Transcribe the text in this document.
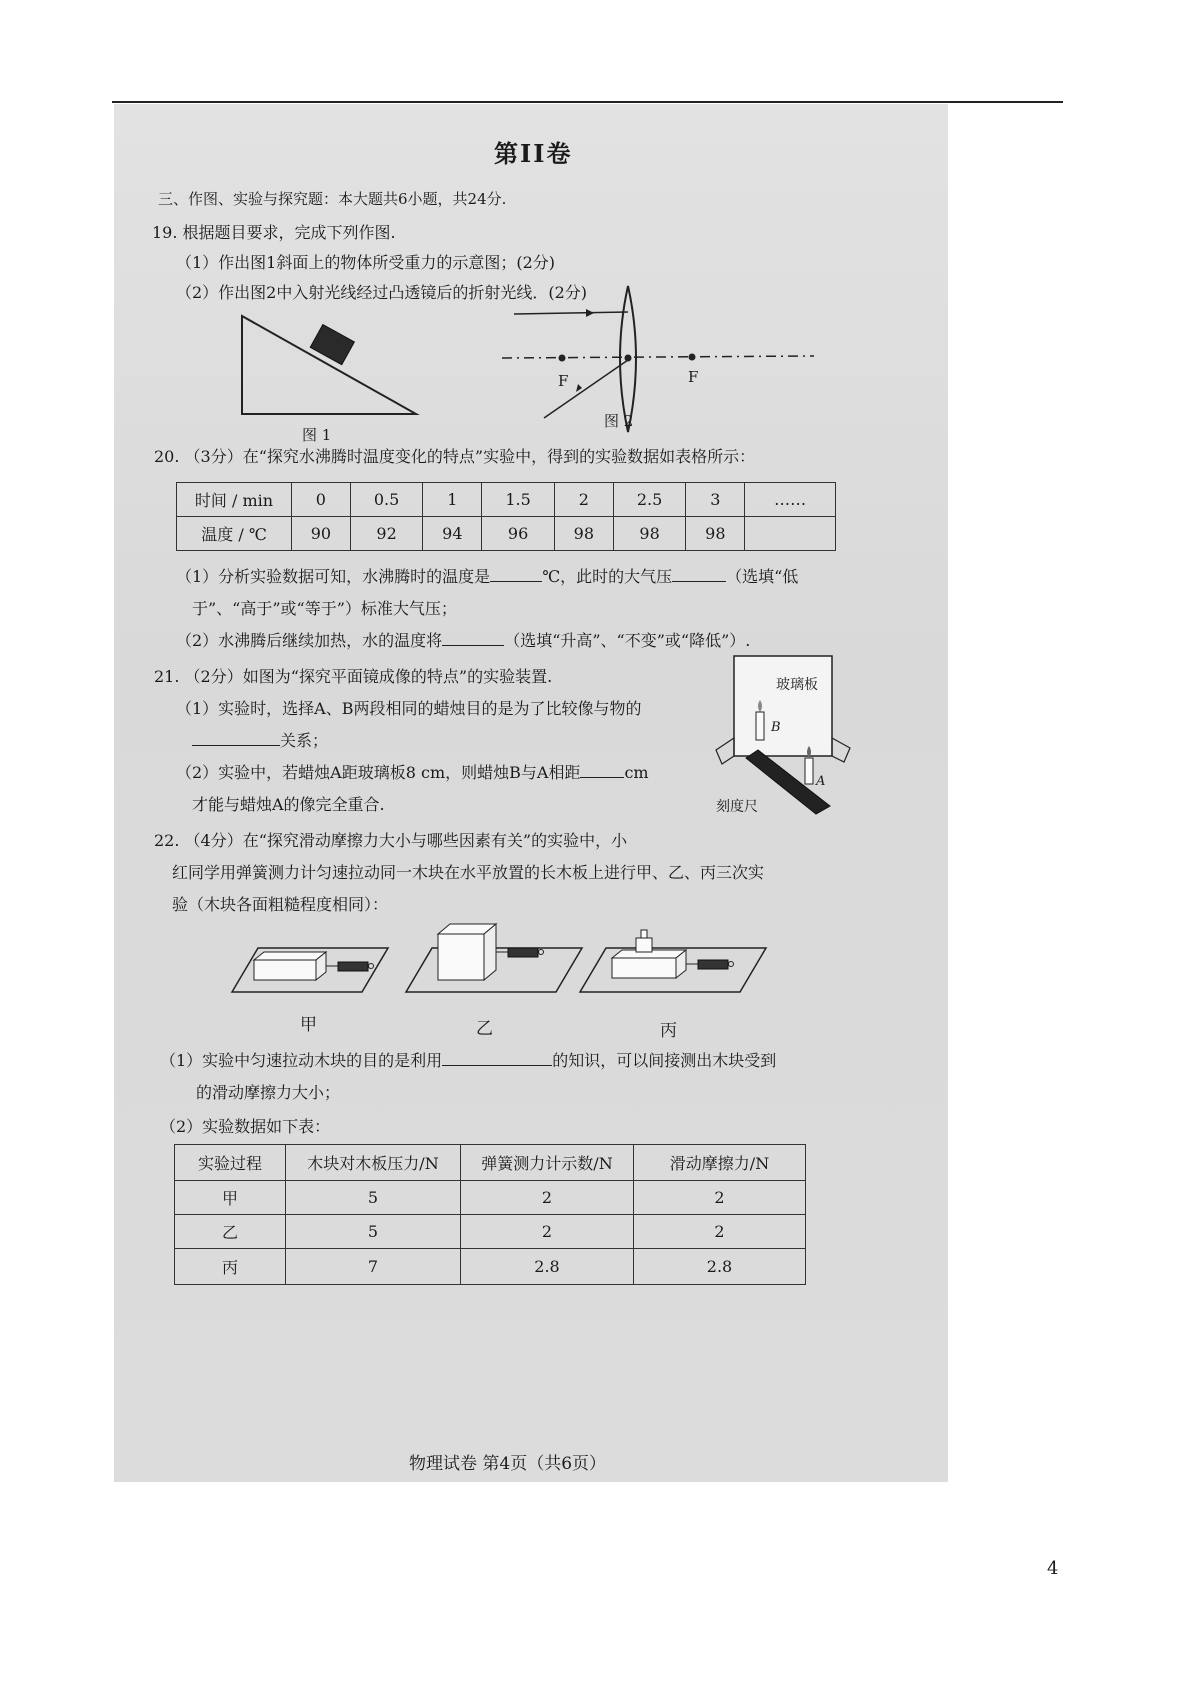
第II卷
三、作图、实验与探究题：本大题共6小题，共24分.
19. 根据题目要求，完成下列作图.
（1）作出图1斜面上的物体所受重力的示意图；(2分)
（2）作出图2中入射光线经过凸透镜后的折射光线．(2分)
图 1
F	F
图 2
20. （3分）在“探究水沸腾时温度变化的特点”实验中，得到的实验数据如表格所示：
时间 / min	0	0.5	1	1.5	2	2.5	3	……
温度 / ℃	90	92	94	96	98	98	98	
（1）分析实验数据可知，水沸腾时的温度是	℃，此时的大气压	（选填“低
于”、“高于”或“等于”）标准大气压；
（2）水沸腾后继续加热，水的温度将	（选填“升高”、“不变”或“降低”）.
21. （2分）如图为“探究平面镜成像的特点”的实验装置.
（1）实验时，选择A、B两段相同的蜡烛目的是为了比较像与物的
关系；
（2）实验中，若蜡烛A距玻璃板8 cm，则蜡烛B与A相距	cm
才能与蜡烛A的像完全重合.
玻璃板
B
A
刻度尺
22. （4分）在“探究滑动摩擦力大小与哪些因素有关”的实验中，小
红同学用弹簧测力计匀速拉动同一木块在水平放置的长木板上进行甲、乙、丙三次实
验（木块各面粗糙程度相同）：
甲	乙	丙
（1）实验中匀速拉动木块的目的是利用	的知识，可以间接测出木块受到
的滑动摩擦力大小；
（2）实验数据如下表：
实验过程	木块对木板压力/N	弹簧测力计示数/N	滑动摩擦力/N
甲	5	2	2
乙	5	2	2
丙	7	2.8	2.8
物理试卷 第4页（共6页）
4
